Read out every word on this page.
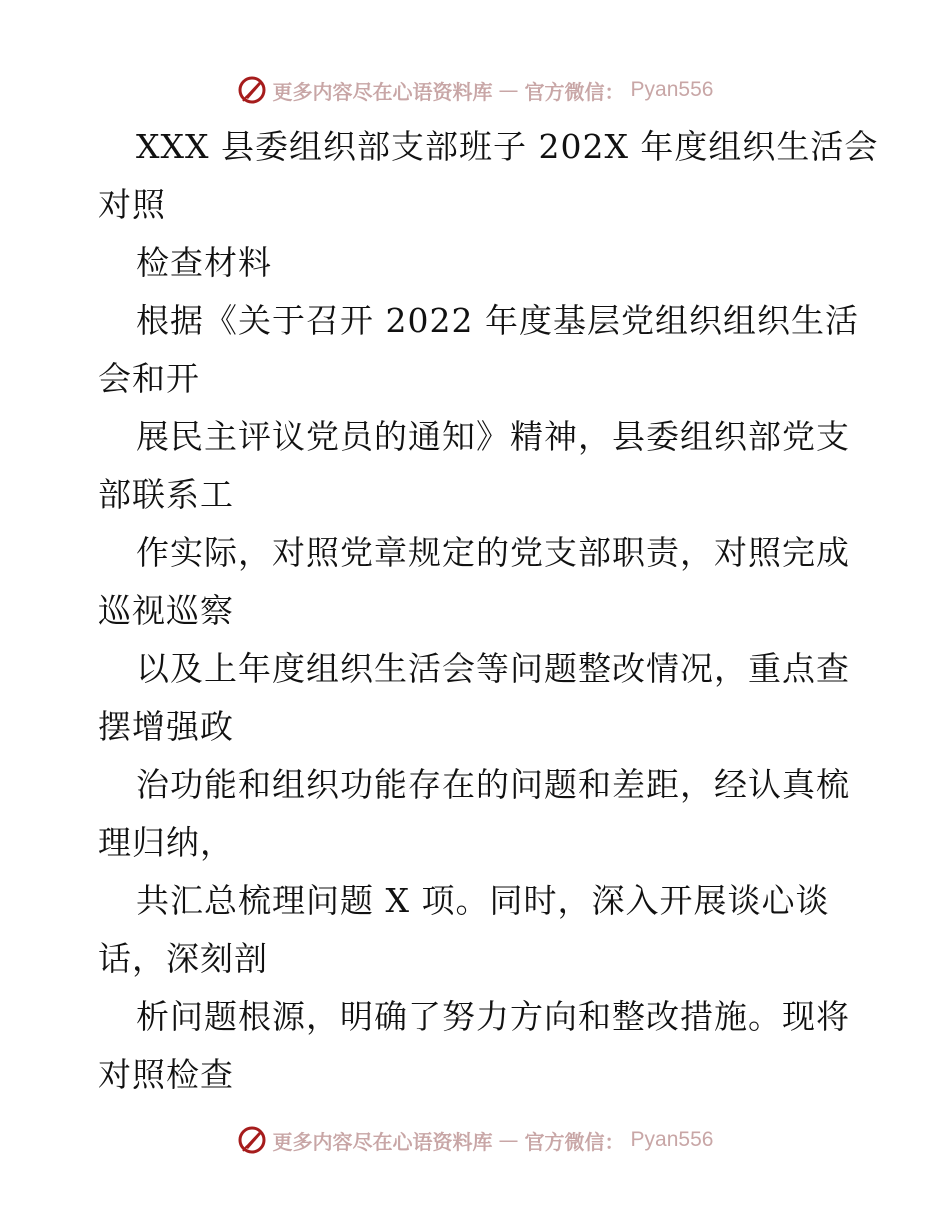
更多内容尽在心语资料库 — 官方微信： Pyan556
XXX 县委组织部支部班子 202X 年度组织生活会
对照
检查材料
根据《关于召开 2022 年度基层党组织组织生活
会和开
展民主评议党员的通知》精神，县委组织部党支
部联系工
作实际，对照党章规定的党支部职责，对照完成
巡视巡察
以及上年度组织生活会等问题整改情况，重点查
摆增强政
治功能和组织功能存在的问题和差距，经认真梳
理归纳，
共汇总梳理问题 X 项。同时，深入开展谈心谈
话，深刻剖
析问题根源，明确了努力方向和整改措施。现将
对照检查
更多内容尽在心语资料库 — 官方微信： Pyan556
